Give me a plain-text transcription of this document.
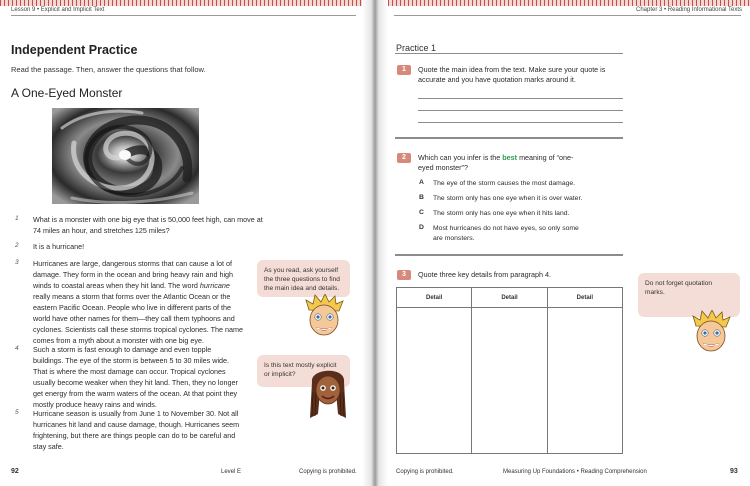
Lesson 9 • Explicit and Implicit Text
Independent Practice
Read the passage. Then, answer the questions that follow.
A One-Eyed Monster
1 What is a monster with one big eye that is 50,000 feet high, can move at 74 miles an hour, and stretches 125 miles?
2 It is a hurricane!
3 Hurricanes are large, dangerous storms that can cause a lot of damage. They form in the ocean and bring heavy rain and high winds to coastal areas when they hit land. The word hurricane really means a storm that forms over the Atlantic Ocean or the eastern Pacific Ocean. People who live in different parts of the world have other names for them—they call them typhoons and cyclones. Scientists call these storms tropical cyclones. The name comes from a myth about a monster with one big eye.
4 Such a storm is fast enough to damage and even topple buildings. The eye of the storm is between 5 to 30 miles wide. That is where the most damage can occur. Tropical cyclones usually become weaker when they hit land. Then, they no longer get energy from the warm waters of the ocean. At that point they mostly produce heavy rains and winds.
5 Hurricane season is usually from June 1 to November 30. Not all hurricanes hit land and cause damage, though. Hurricanes seem frightening, but there are things people can do to be careful and stay safe.
As you read, ask yourself the three questions to find the main idea and details.
Is this text mostly explicit or implicit?
92	Level E	Copying is prohibited.
Chapter 3 • Reading Informational Texts
Practice 1
1	Quote the main idea from the text. Make sure your quote is accurate and you have quotation marks around it.
2	Which can you infer is the best meaning of “one-eyed monster”?
A The eye of the storm causes the most damage.
B The storm only has one eye when it is over water.
C The storm only has one eye when it hits land.
D Most hurricanes do not have eyes, so only some are monsters.
3	Quote three key details from paragraph 4.
Detail	Detail	Detail

Do not forget quotation marks.
Copying is prohibited.	Measuring Up Foundations • Reading Comprehension	93
